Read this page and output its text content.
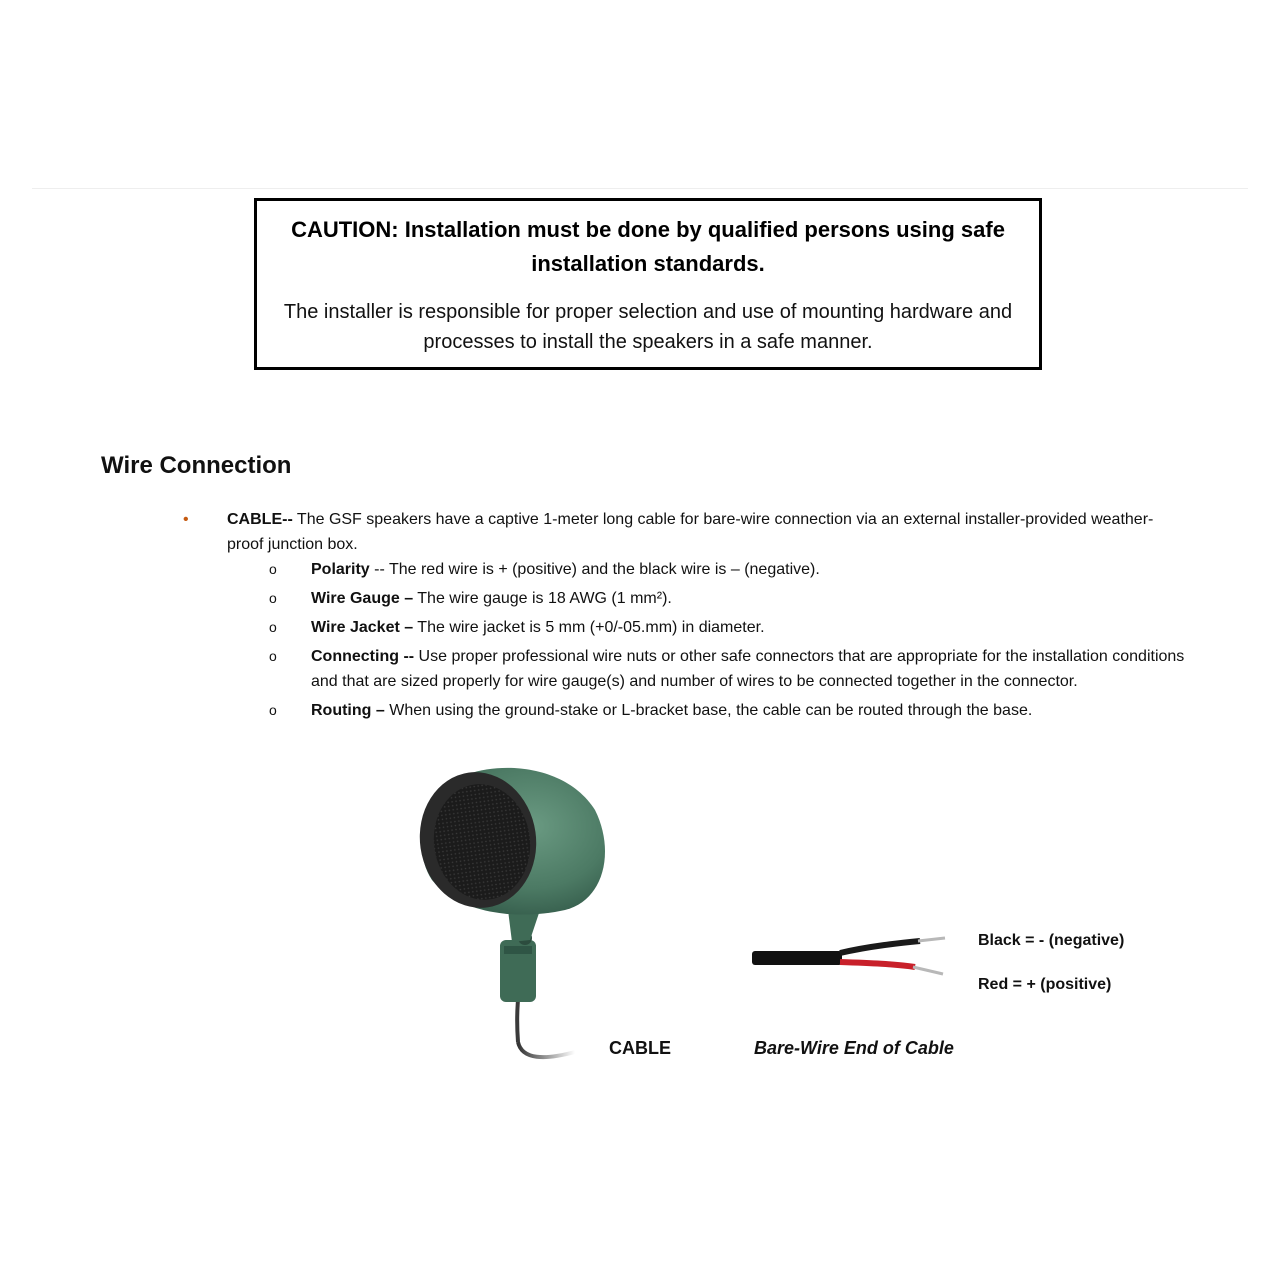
CAUTION: Installation must be done by qualified persons using safe installation standards.
The installer is responsible for proper selection and use of mounting hardware and processes to install the speakers in a safe manner.
Wire Connection
• CABLE-- The GSF speakers have a captive 1-meter long cable for bare-wire connection via an external installer-provided weather-proof junction box.
o Polarity -- The red wire is + (positive) and the black wire is – (negative).
o Wire Gauge – The wire gauge is 18 AWG (1 mm²).
o Wire Jacket – The wire jacket is 5 mm (+0/-05.mm) in diameter.
o Connecting -- Use proper professional wire nuts or other safe connectors that are appropriate for the installation conditions and that are sized properly for wire gauge(s) and number of wires to be connected together in the connector.
o Routing – When using the ground-stake or L-bracket base, the cable can be routed through the base.
Black = - (negative)
Red = + (positive)
CABLE	Bare-Wire End of Cable
